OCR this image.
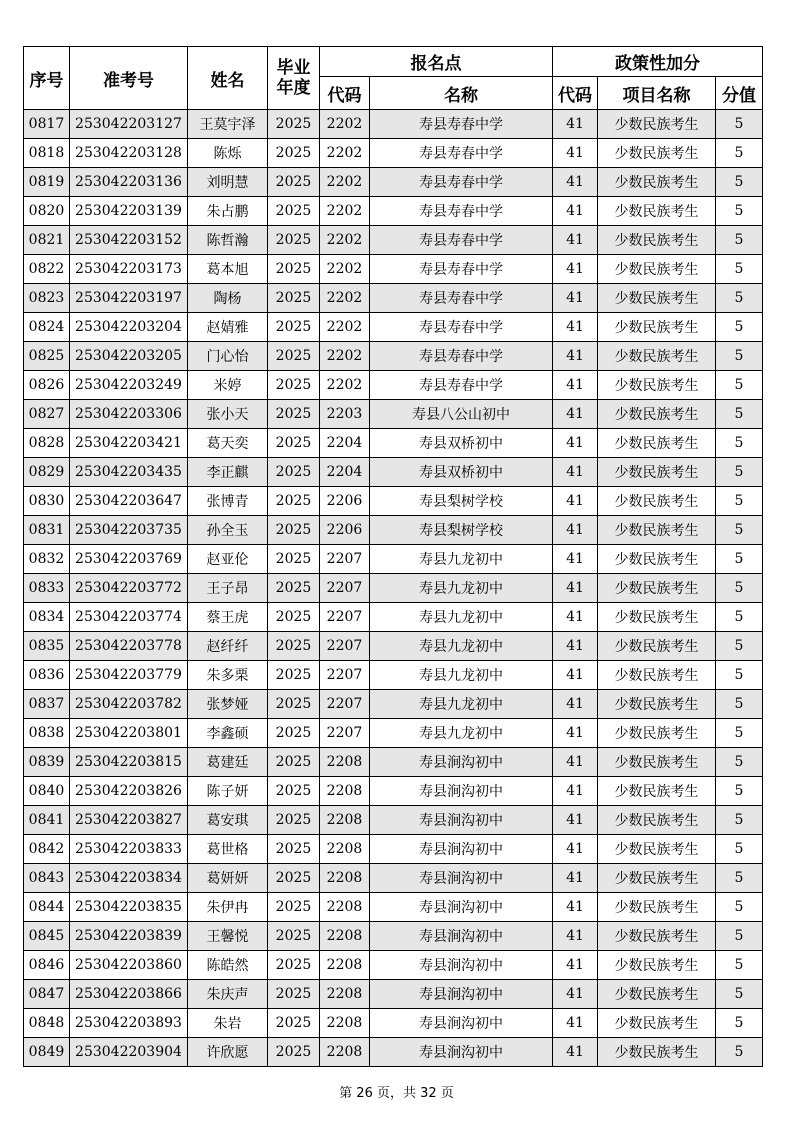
序号	准考号	姓名	毕业年度	报名点		政策性加分		
				代码	名称	代码	项目名称	分值
0817	253042203127	王莫宇泽	2025	2202	寿县寿春中学	41	少数民族考生	5
0818	253042203128	陈烁	2025	2202	寿县寿春中学	41	少数民族考生	5
0819	253042203136	刘明慧	2025	2202	寿县寿春中学	41	少数民族考生	5
0820	253042203139	朱占鹏	2025	2202	寿县寿春中学	41	少数民族考生	5
0821	253042203152	陈哲瀚	2025	2202	寿县寿春中学	41	少数民族考生	5
0822	253042203173	葛本旭	2025	2202	寿县寿春中学	41	少数民族考生	5
0823	253042203197	陶杨	2025	2202	寿县寿春中学	41	少数民族考生	5
0824	253042203204	赵婧雅	2025	2202	寿县寿春中学	41	少数民族考生	5
0825	253042203205	门心怡	2025	2202	寿县寿春中学	41	少数民族考生	5
0826	253042203249	米婷	2025	2202	寿县寿春中学	41	少数民族考生	5
0827	253042203306	张小天	2025	2203	寿县八公山初中	41	少数民族考生	5
0828	253042203421	葛天奕	2025	2204	寿县双桥初中	41	少数民族考生	5
0829	253042203435	李正麒	2025	2204	寿县双桥初中	41	少数民族考生	5
0830	253042203647	张博青	2025	2206	寿县梨树学校	41	少数民族考生	5
0831	253042203735	孙全玉	2025	2206	寿县梨树学校	41	少数民族考生	5
0832	253042203769	赵亚伦	2025	2207	寿县九龙初中	41	少数民族考生	5
0833	253042203772	王子昂	2025	2207	寿县九龙初中	41	少数民族考生	5
0834	253042203774	蔡王虎	2025	2207	寿县九龙初中	41	少数民族考生	5
0835	253042203778	赵纤纤	2025	2207	寿县九龙初中	41	少数民族考生	5
0836	253042203779	朱多栗	2025	2207	寿县九龙初中	41	少数民族考生	5
0837	253042203782	张梦娅	2025	2207	寿县九龙初中	41	少数民族考生	5
0838	253042203801	李鑫硕	2025	2207	寿县九龙初中	41	少数民族考生	5
0839	253042203815	葛建廷	2025	2208	寿县涧沟初中	41	少数民族考生	5
0840	253042203826	陈子妍	2025	2208	寿县涧沟初中	41	少数民族考生	5
0841	253042203827	葛安琪	2025	2208	寿县涧沟初中	41	少数民族考生	5
0842	253042203833	葛世格	2025	2208	寿县涧沟初中	41	少数民族考生	5
0843	253042203834	葛妍妍	2025	2208	寿县涧沟初中	41	少数民族考生	5
0844	253042203835	朱伊冉	2025	2208	寿县涧沟初中	41	少数民族考生	5
0845	253042203839	王馨悦	2025	2208	寿县涧沟初中	41	少数民族考生	5
0846	253042203860	陈皓然	2025	2208	寿县涧沟初中	41	少数民族考生	5
0847	253042203866	朱庆声	2025	2208	寿县涧沟初中	41	少数民族考生	5
0848	253042203893	朱岩	2025	2208	寿县涧沟初中	41	少数民族考生	5
0849	253042203904	许欣愿	2025	2208	寿县涧沟初中	41	少数民族考生	5
第 26 页，共 32 页
